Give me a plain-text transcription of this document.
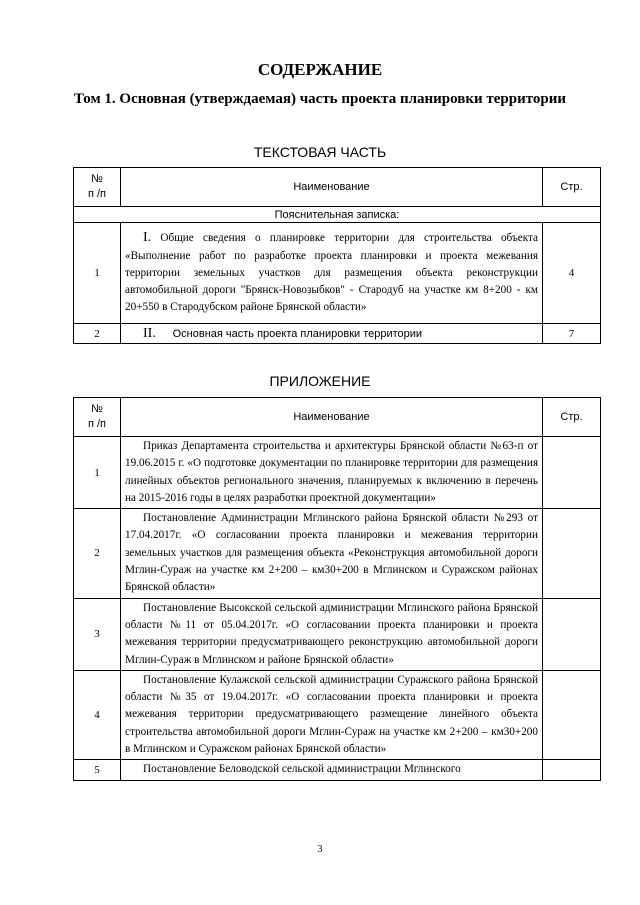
СОДЕРЖАНИЕ
Том 1. Основная (утверждаемая) часть проекта планировки территории
ТЕКСТОВАЯ ЧАСТЬ
№
п /п	Наименование	Стр.
Пояснительная записка:		
1	I. Общие сведения о планировке территории для строительства объекта «Выполнение работ по разработке проекта планировки и проекта межевания территории земельных участков для размещения объекта реконструкции автомобильной дороги "Брянск-Новозыбков" - Стародуб на участке км 8+200 - км 20+550 в Стародубском районе Брянской области»	4
2	II. Основная часть проекта планировки территории	7
ПРИЛОЖЕНИЕ
№
п /п	Наименование	Стр.
1	Приказ Департамента строительства и архитектуры Брянской области №63-п от 19.06.2015 г. «О подготовке документации по планировке территории для размещения линейных объектов регионального значения, планируемых к включению в перечень на 2015-2016 годы в целях разработки проектной документации»	
2	Постановление Администрации Мглинского района Брянской области №293 от 17.04.2017г. «О согласовании проекта планировки и межевания территории земельных участков для размещения объекта «Реконструкция автомобильной дороги Мглин-Сураж на участке км 2+200 – км30+200 в Мглинском и Суражском районах Брянской области»	
3	Постановление Высокской сельской администрации Мглинского района Брянской области №11 от 05.04.2017г. «О согласовании проекта планировки и проекта межевания территории предусматривающего реконструкцию автомобильной дороги Мглин-Сураж в Мглинском и районе Брянской области»	
4	Постановление Кулажской сельской администрации Суражского района Брянской области №35 от 19.04.2017г. «О согласовании проекта планировки и проекта межевания территории предусматривающего размещение линейного объекта строительства автомобильной дороги Мглин-Сураж на участке км 2+200 – км30+200 в Мглинском и Суражском районах Брянской области»	
5	Постановление Беловодской сельской администрации Мглинского	
3
